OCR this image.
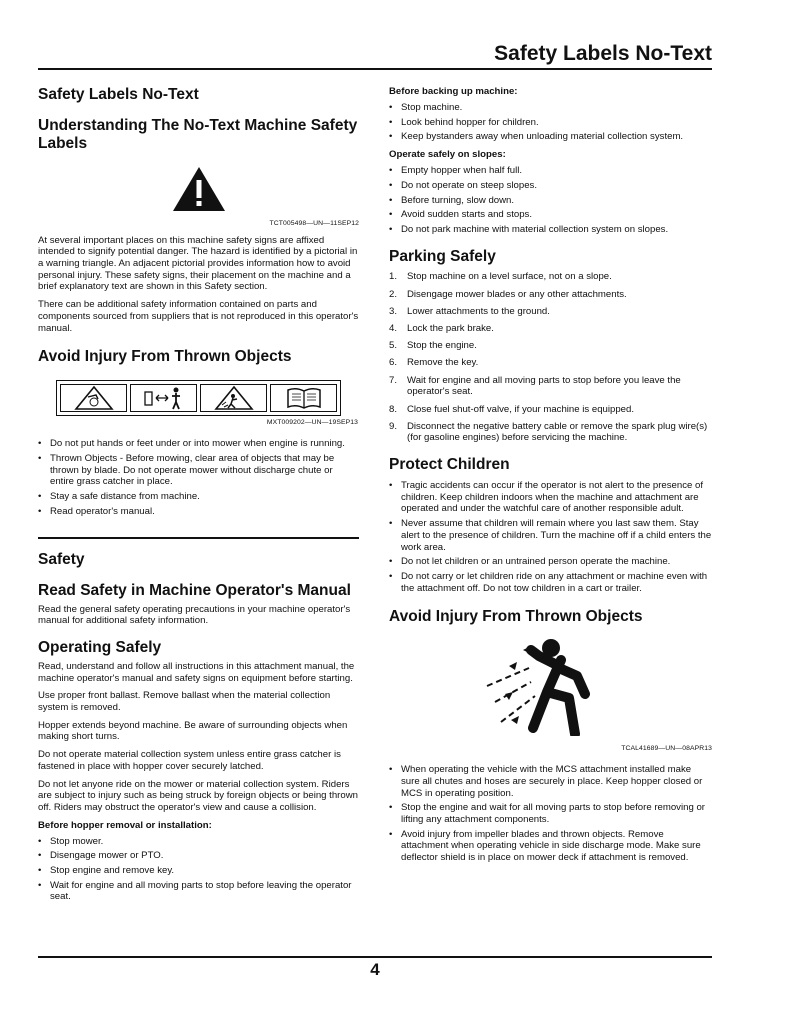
Safety Labels No-Text
Safety Labels No-Text
Understanding The No-Text Machine Safety Labels
TCT005498—UN—11SEP12

At several important places on this machine safety signs are affixed intended to signify potential danger. The hazard is identified by a pictorial in a warning triangle. An adjacent pictorial provides information how to avoid personal injury. These safety signs, their placement on the machine and a brief explanatory text are shown in this Safety section.

There can be additional safety information contained on parts and components sourced from suppliers that is not reproduced in this operator's manual.

Avoid Injury From Thrown Objects
MXT009202—UN—19SEP13
• Do not put hands or feet under or into mower when engine is running.
• Thrown Objects - Before mowing, clear area of objects that may be thrown by blade. Do not operate mower without discharge chute or entire grass catcher in place.
• Stay a safe distance from machine.
• Read operator's manual.
Safety
Read Safety in Machine Operator's Manual

Read the general safety operating precautions in your machine operator's manual for additional safety information.

Operating Safely

Read, understand and follow all instructions in this attachment manual, the machine operator's manual and safety signs on equipment before starting.

Use proper front ballast. Remove ballast when the material collection system is removed.

Hopper extends beyond machine. Be aware of surrounding objects when making short turns.

Do not operate material collection system unless entire grass catcher is fastened in place with hopper cover securely latched.

Do not let anyone ride on the mower or material collection system. Riders are subject to injury such as being struck by foreign objects or being thrown off. Riders may obstruct the operator's view and cause a collision.

Before hopper removal or installation:
• Stop mower.
• Disengage mower or PTO.
• Stop engine and remove key.
• Wait for engine and all moving parts to stop before leaving the operator seat.
Before backing up machine:
• Stop machine.
• Look behind hopper for children.
• Keep bystanders away when unloading material collection system.
Operate safely on slopes:
• Empty hopper when half full.
• Do not operate on steep slopes.
• Before turning, slow down.
• Avoid sudden starts and stops.
• Do not park machine with material collection system on slopes.
Parking Safely
1. Stop machine on a level surface, not on a slope.
2. Disengage mower blades or any other attachments.
3. Lower attachments to the ground.
4. Lock the park brake.
5. Stop the engine.
6. Remove the key.
7. Wait for engine and all moving parts to stop before you leave the operator's seat.
8. Close fuel shut-off valve, if your machine is equipped.
9. Disconnect the negative battery cable or remove the spark plug wire(s) (for gasoline engines) before servicing the machine.
Protect Children
• Tragic accidents can occur if the operator is not alert to the presence of children. Keep children indoors when the machine and attachment are operated and under the watchful care of another responsible adult.
• Never assume that children will remain where you last saw them. Stay alert to the presence of children. Turn the machine off if a child enters the work area.
• Do not let children or an untrained person operate the machine.
• Do not carry or let children ride on any attachment or machine even with the attachment off. Do not tow children in a cart or trailer.
Avoid Injury From Thrown Objects
TCAL41689—UN—08APR13
• When operating the vehicle with the MCS attachment installed make sure all chutes and hoses are securely in place. Keep hopper closed or MCS in operating position.
• Stop the engine and wait for all moving parts to stop before removing or lifting any attachment components.
• Avoid injury from impeller blades and thrown objects. Remove attachment when operating vehicle in side discharge mode. Make sure deflector shield is in place on mower deck if attachment is removed.
4
